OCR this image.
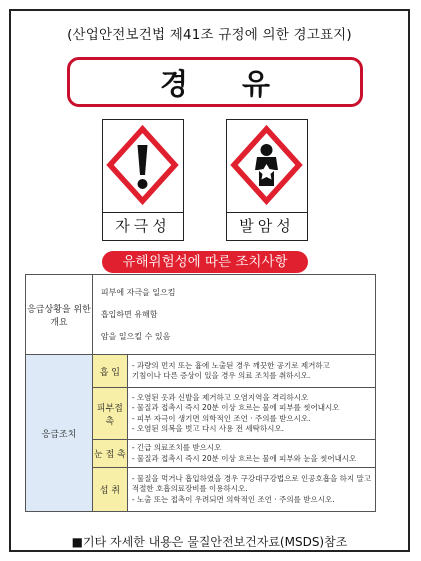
(산업안전보건법 제41조 규정에 의한 경고표지)
경 유
자극성	발암성
유해위험성에 따른 조치사항
■기타 자세한 내용은 물질안전보건자료(MSDS)참조
응급상황을 위한 개요	피부에 자극을 일으킴
흡입하면 유해함
암을 일으킬 수 있음	

응급조치	흡 입	- 과량의 먼지 또는 흄에 노출된 경우 깨끗한 공기로 제거하고
기침이나 다른 증상이 있을 경우 의료 조치를 취하시오.

	피부접촉	- 오염된 옷과 신발을 제거하고 오염지역을 격리하시오
- 물질과 접촉시 즉시 20분 이상 흐르는 물에 피부를 씻어내시오
- 피부 자극이 생기면 의학적인 조언 · 주의를 받으시오.
- 오염된 의복을 벗고 다시 사용 전 세탁하시오.

	눈 접 촉	- 긴급 의료조치를 받으시오
- 물질과 접촉시 즉시 20분 이상 흐르는 물에 피부와 눈을 씻어내시오

	섭 취	- 물질을 먹거나 흡입하였을 경우 구강대구강법으로 인공호흡을 하지 말고
적절한 호흡의료장비를 이용하시오.
- 노출 또는 접촉이 우려되면 의학적인 조언 · 주의를 받으시오.
